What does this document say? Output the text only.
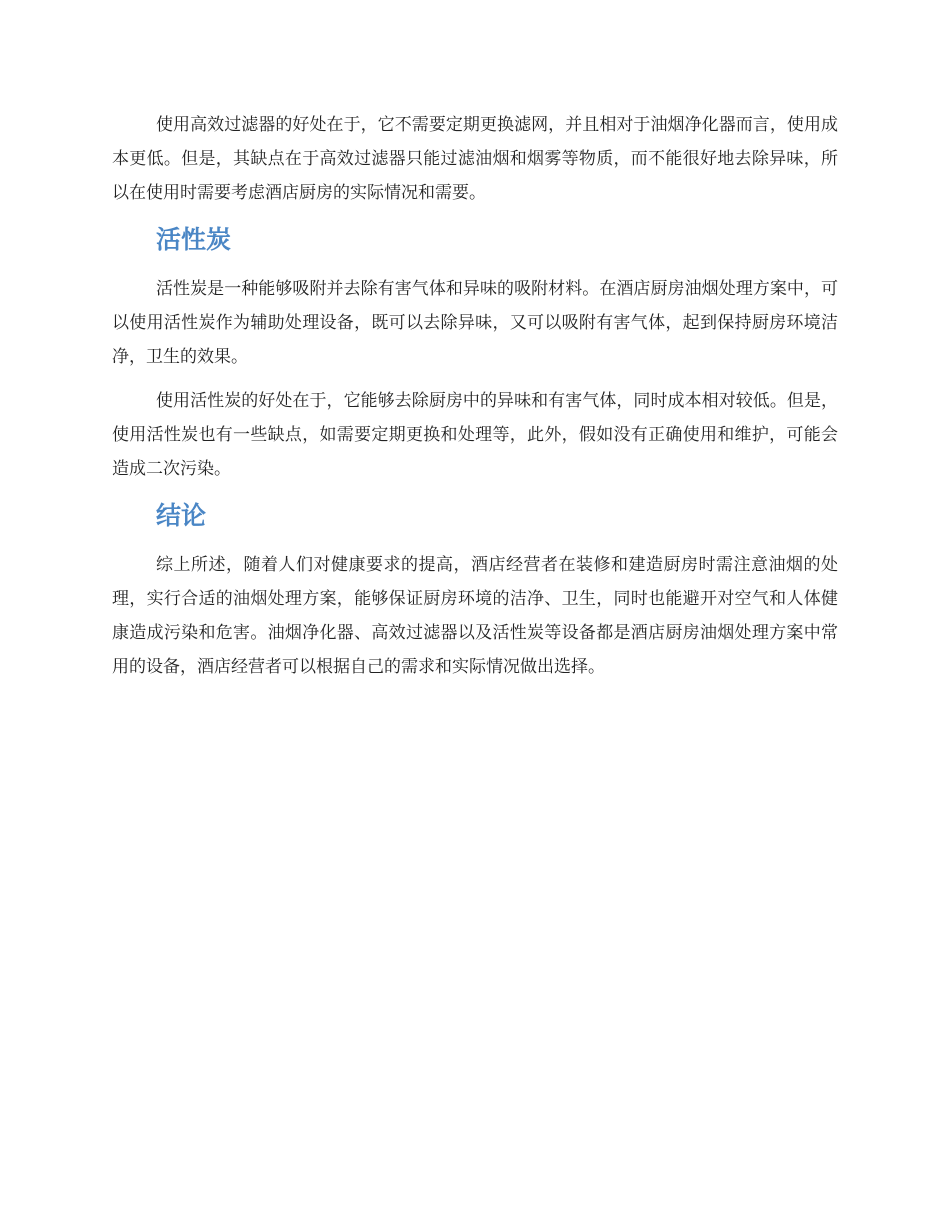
使用高效过滤器的好处在于，它不需要定期更换滤网，并且相对于油烟净化器而言，使用成本更低。但是，其缺点在于高效过滤器只能过滤油烟和烟雾等物质，而不能很好地去除异味，所以在使用时需要考虑酒店厨房的实际情况和需要。

活性炭

活性炭是一种能够吸附并去除有害气体和异味的吸附材料。在酒店厨房油烟处理方案中，可以使用活性炭作为辅助处理设备，既可以去除异味，又可以吸附有害气体，起到保持厨房环境洁净，卫生的效果。

使用活性炭的好处在于，它能够去除厨房中的异味和有害气体，同时成本相对较低。但是，使用活性炭也有一些缺点，如需要定期更换和处理等，此外，假如没有正确使用和维护，可能会造成二次污染。

结论

综上所述，随着人们对健康要求的提高，酒店经营者在装修和建造厨房时需注意油烟的处理，实行合适的油烟处理方案，能够保证厨房环境的洁净、卫生，同时也能避开对空气和人体健康造成污染和危害。油烟净化器、高效过滤器以及活性炭等设备都是酒店厨房油烟处理方案中常用的设备，酒店经营者可以根据自己的需求和实际情况做出选择。
